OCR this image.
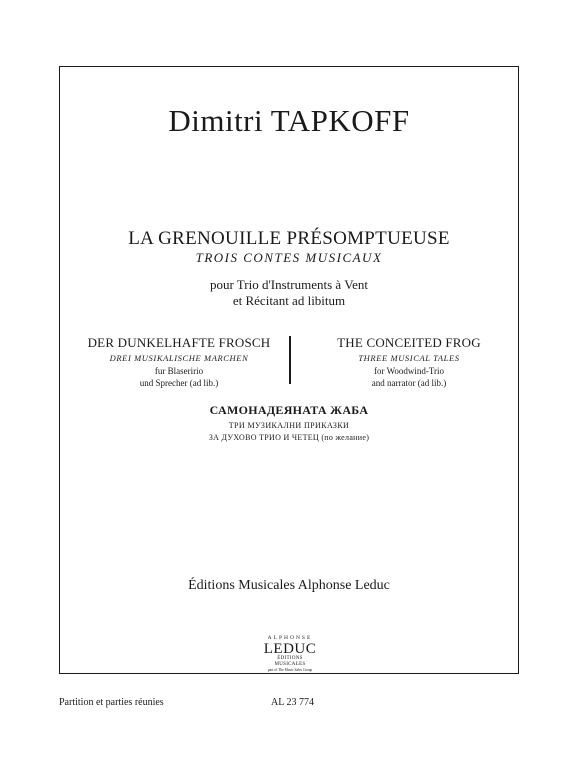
Dimitri TAPKOFF
LA GRENOUILLE PRÉSOMPTUEUSE
TROIS CONTES MUSICAUX
pour Trio d'Instruments à Vent
et Récitant ad libitum
DER DUNKELHAFTE FROSCH
DREI MUSIKALISCHE MARCHEN
fur Blaseririo
und Sprecher (ad lib.)
THE CONCEITED FROG
THREE MUSICAL TALES
for Woodwind-Trio
and narrator (ad lib.)
САМОНАДЕЯНАТА ЖАБА
ТРИ МУЗИКАЛНИ ПРИКАЗКИ
ЗА ДУХОВО ТРИО И ЧЕТЕЦ (по желание)
Éditions Musicales Alphonse Leduc
ALPHONSE
LEDUC
ÉDITIONS MUSICALES
part of The Music Sales Group
Partition et parties réunies	AL 23 774
